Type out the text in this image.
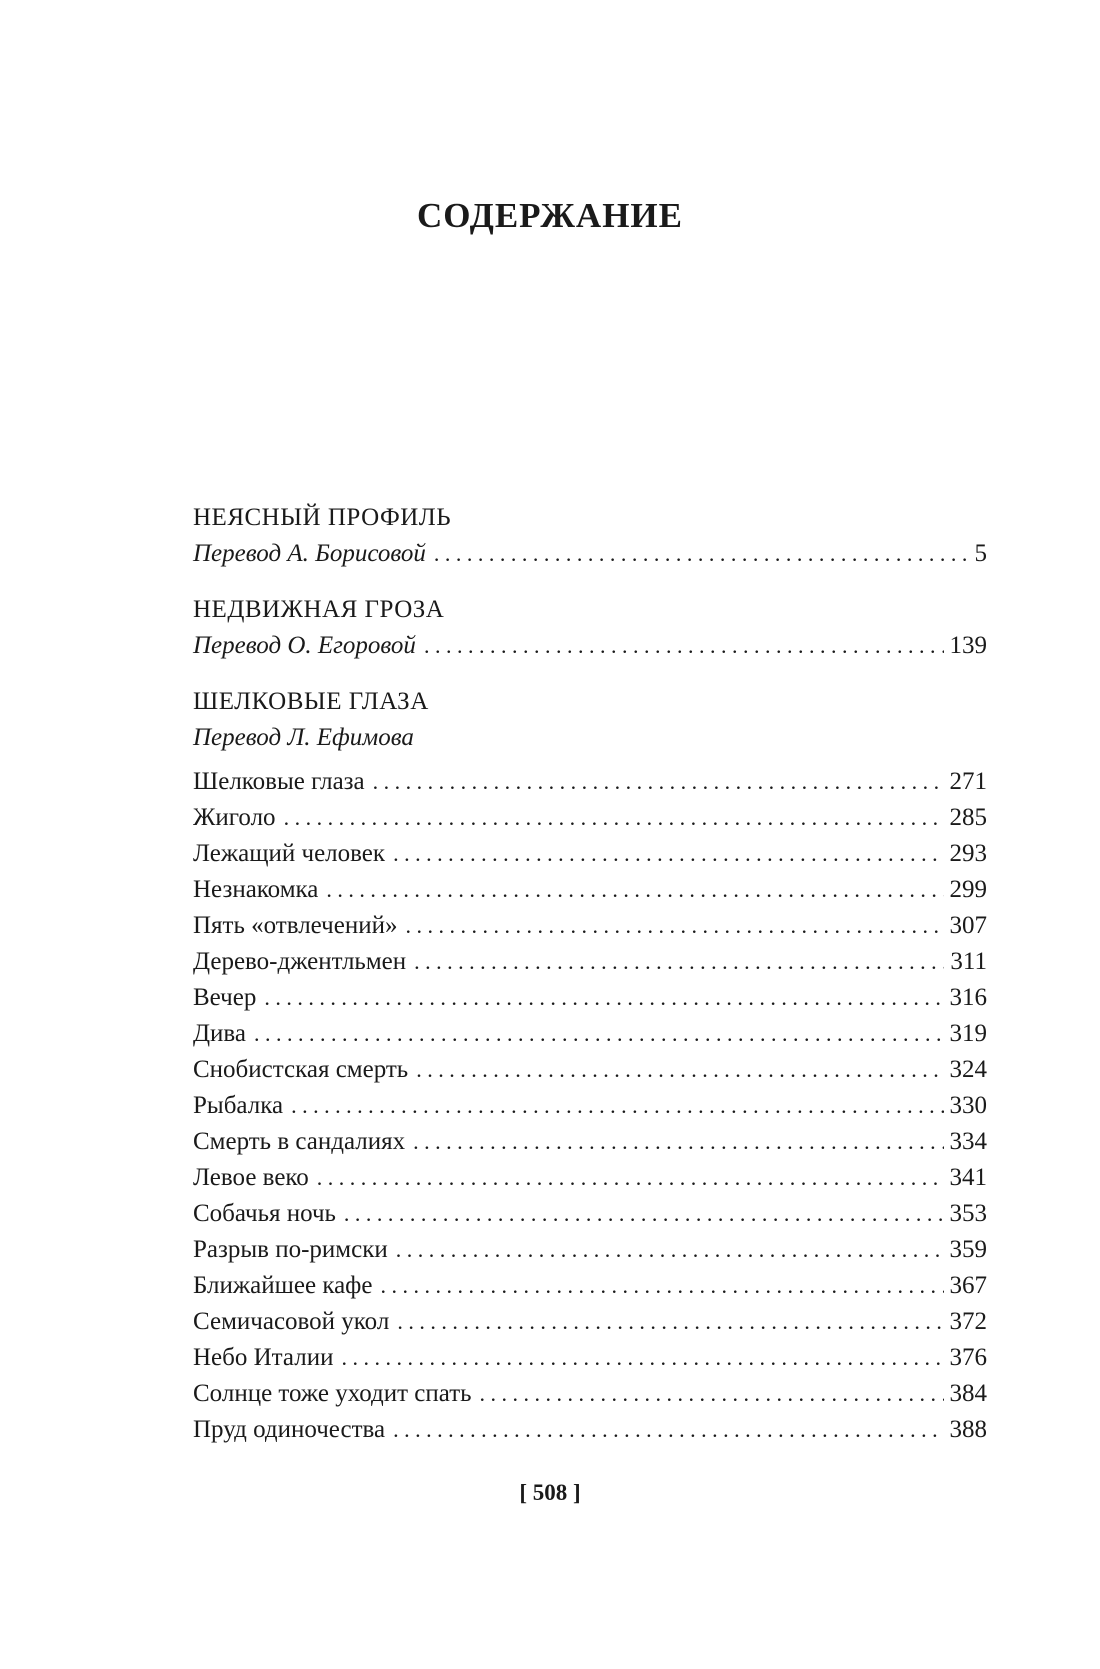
СОДЕРЖАНИЕ
НЕЯСНЫЙ ПРОФИЛЬ
Перевод А. Борисовой . . .	5
НЕДВИЖНАЯ ГРОЗА
Перевод О. Егоровой . . .	139
ШЕЛКОВЫЕ ГЛАЗА
Перевод Л. Ефимова
Шелковые глаза . . .	271
Жиголо . . .	285
Лежащий человек . . .	293
Незнакомка . . .	299
Пять «отвлечений» . . .	307
Дерево-джентльмен . . .	311
Вечер . . .	316
Дива . . .	319
Снобистская смерть . . .	324
Рыбалка . . .	330
Смерть в сандалиях . . .	334
Левое веко . . .	341
Собачья ночь . . .	353
Разрыв по-римски . . .	359
Ближайшее кафе . . .	367
Семичасовой укол . . .	372
Небо Италии . . .	376
Солнце тоже уходит спать . . .	384
Пруд одиночества . . .	388
[ 508 ]
